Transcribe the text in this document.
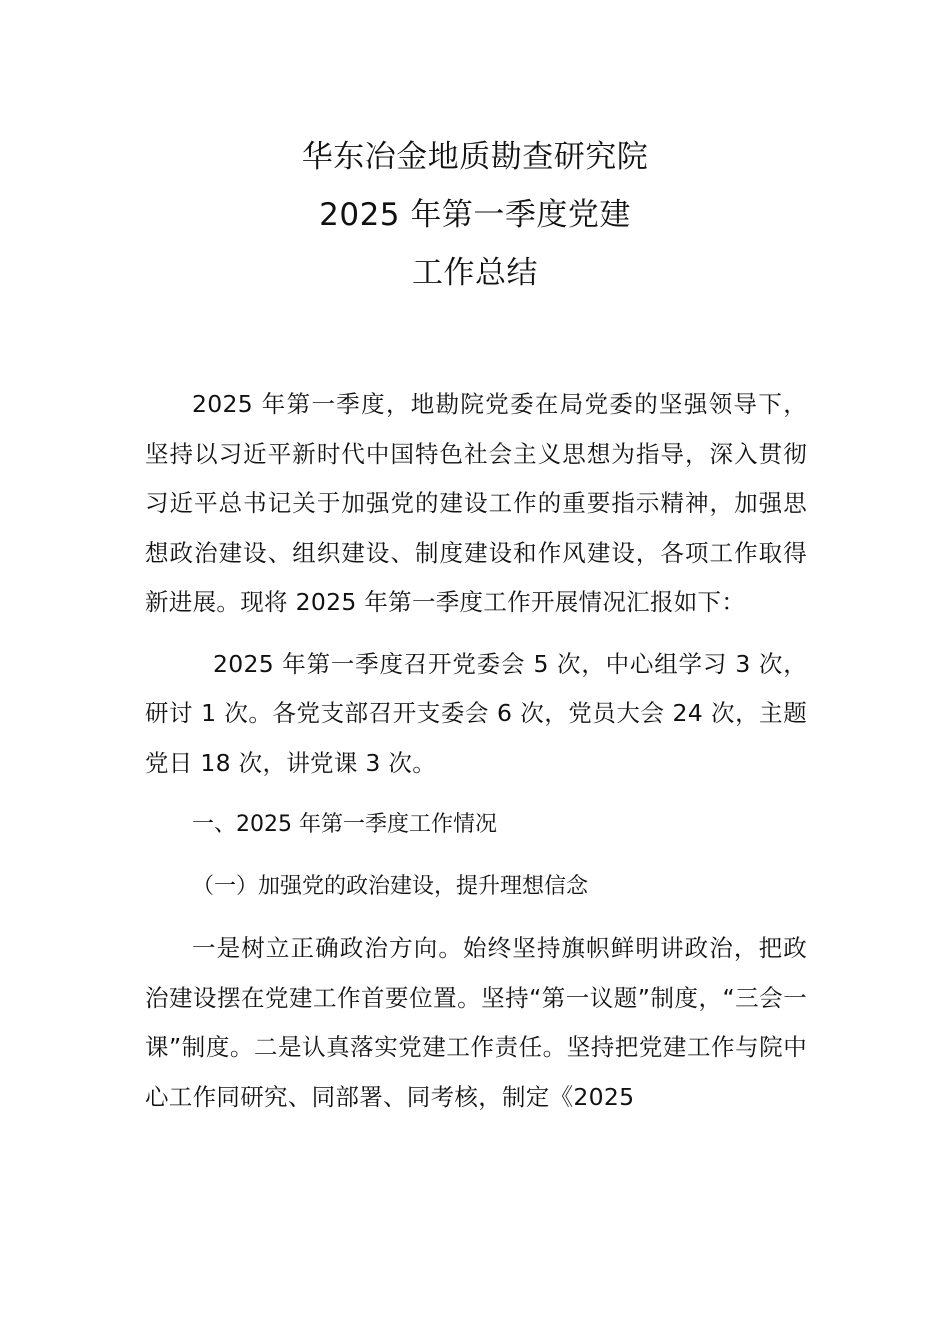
华东冶金地质勘查研究院
2025 年第一季度党建
工作总结

2025 年第一季度，地勘院党委在局党委的坚强领导下，坚持以习近平新时代中国特色社会主义思想为指导，深入贯彻习近平总书记关于加强党的建设工作的重要指示精神，加强思想政治建设、组织建设、制度建设和作风建设，各项工作取得新进展。现将 2025 年第一季度工作开展情况汇报如下：

2025 年第一季度召开党委会 5 次，中心组学习 3 次，研讨 1 次。各党支部召开支委会 6 次，党员大会 24 次，主题党日 18 次，讲党课 3 次。

一、2025 年第一季度工作情况
（一）加强党的政治建设，提升理想信念

一是树立正确政治方向。始终坚持旗帜鲜明讲政治，把政治建设摆在党建工作首要位置。坚持“第一议题”制度，“三会一课”制度。二是认真落实党建工作责任。坚持把党建工作与院中心工作同研究、同部署、同考核，制定《2025
